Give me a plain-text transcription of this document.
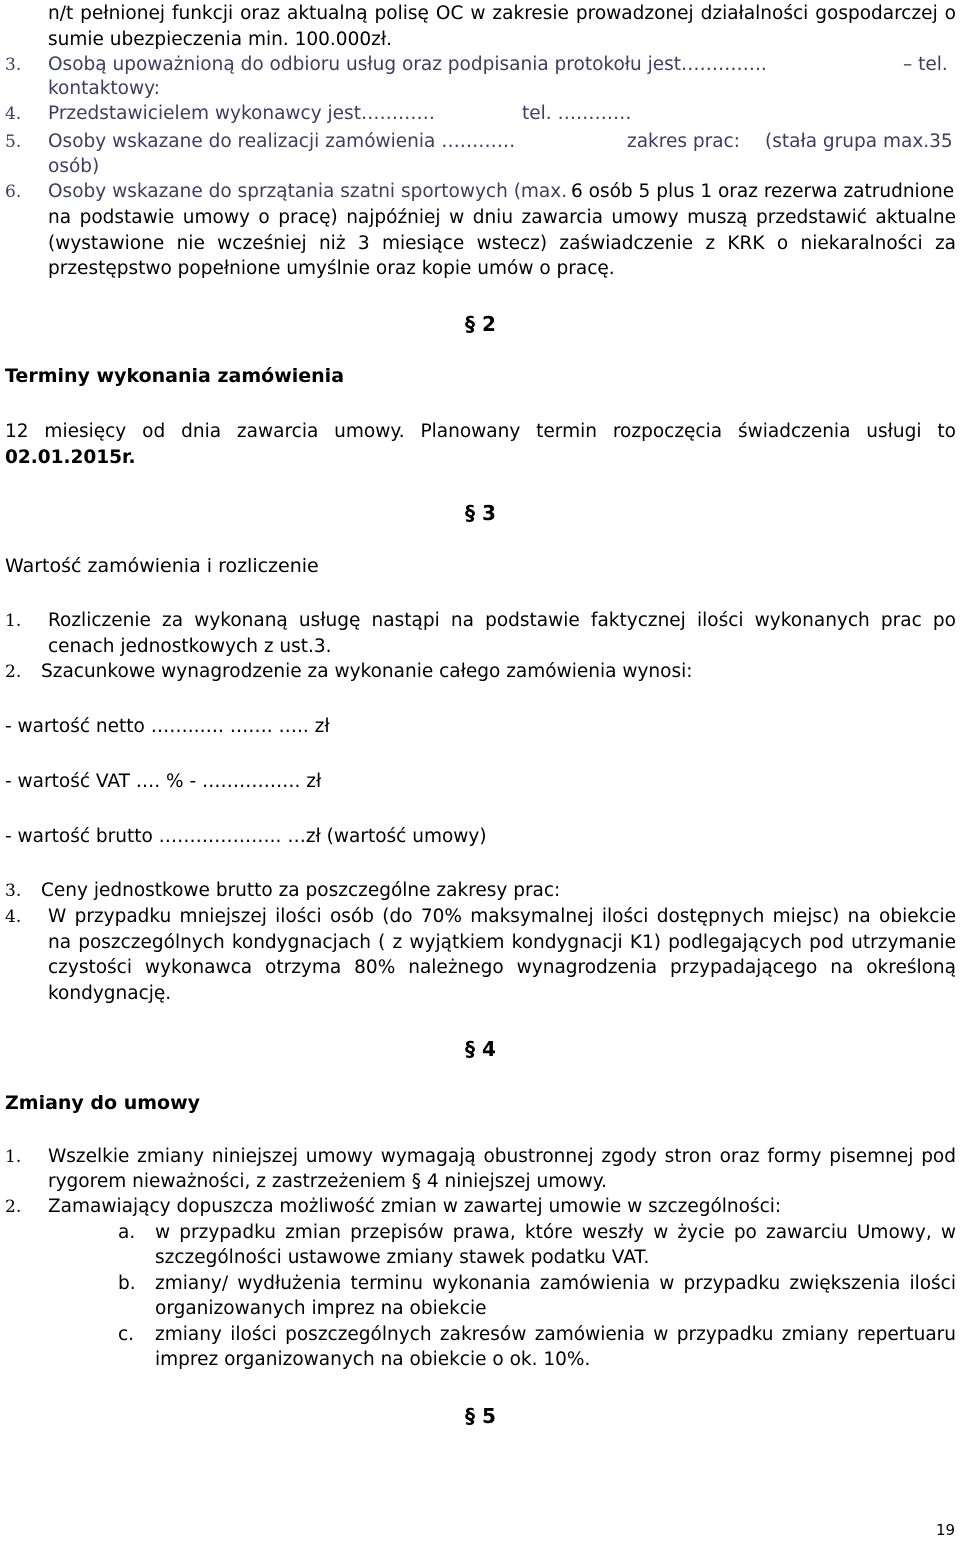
n/t pełnionej funkcji oraz aktualną polisę OC w zakresie prowadzonej działalności gospodarczej o
sumie ubezpieczenia min. 100.000zł.
3. Osobą upoważnioną do odbioru usług oraz podpisania protokołu jest…………..	– tel.
kontaktowy:
4. Przedstawicielem wykonawcy jest…………	tel. …………
5. Osoby wskazane do realizacji zamówienia …………	zakres prac: (stała grupa max.35
osób)
6. Osoby wskazane do sprzątania szatni sportowych (max. 6 osób 5 plus 1 oraz rezerwa zatrudnione
na podstawie umowy o pracę) najpóźniej w dniu zawarcia umowy muszą przedstawić aktualne
(wystawione nie wcześniej niż 3 miesiące wstecz) zaświadczenie z KRK o niekaralności za
przestępstwo popełnione umyślnie oraz kopie umów o pracę.
§ 2
Terminy wykonania zamówienia
12 miesięcy od dnia zawarcia umowy. Planowany termin rozpoczęcia świadczenia usługi to
02.01.2015r.
§ 3
Wartość zamówienia i rozliczenie
1. Rozliczenie za wykonaną usługę nastąpi na podstawie faktycznej ilości wykonanych prac po
cenach jednostkowych z ust.3.
2. Szacunkowe wynagrodzenie za wykonanie całego zamówienia wynosi:
- wartość netto ……..…. ……. ….. zł
- wartość VAT …. % - ……………. zł
- wartość brutto ……………….. …zł (wartość umowy)
3. Ceny jednostkowe brutto za poszczególne zakresy prac:
4. W przypadku mniejszej ilości osób (do 70% maksymalnej ilości dostępnych miejsc) na obiekcie
na poszczególnych kondygnacjach ( z wyjątkiem kondygnacji K1) podlegających pod utrzymanie
czystości wykonawca otrzyma 80% należnego wynagrodzenia przypadającego na określoną
kondygnację.
§ 4
Zmiany do umowy
1. Wszelkie zmiany niniejszej umowy wymagają obustronnej zgody stron oraz formy pisemnej pod
rygorem nieważności, z zastrzeżeniem § 4 niniejszej umowy.
2. Zamawiający dopuszcza możliwość zmian w zawartej umowie w szczególności:
a. w przypadku zmian przepisów prawa, które weszły w życie po zawarciu Umowy, w
szczególności ustawowe zmiany stawek podatku VAT.
b. zmiany/ wydłużenia terminu wykonania zamówienia w przypadku zwiększenia ilości
organizowanych imprez na obiekcie
c. zmiany ilości poszczególnych zakresów zamówienia w przypadku zmiany repertuaru
imprez organizowanych na obiekcie o ok. 10%.
§ 5
19
